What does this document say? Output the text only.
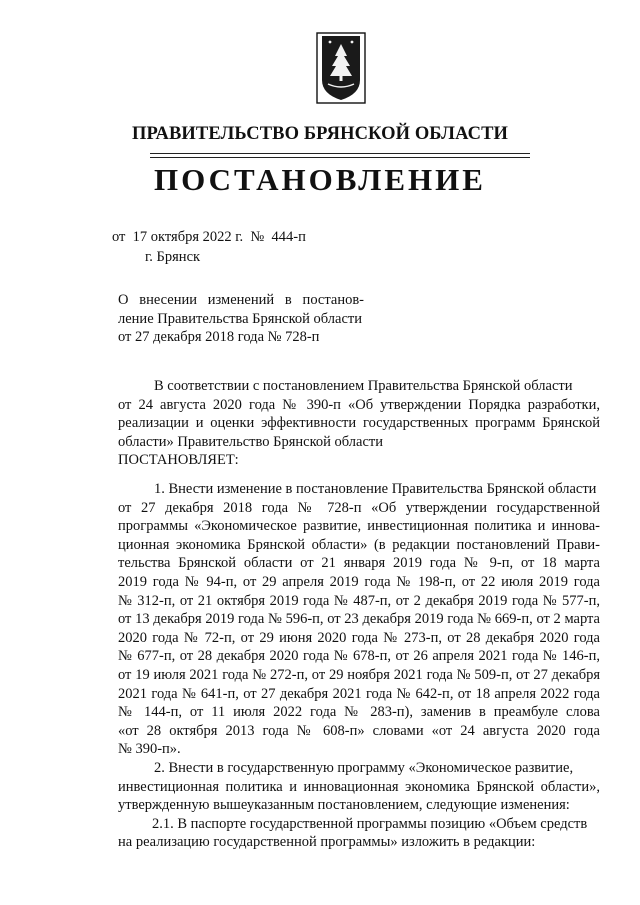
ПРАВИТЕЛЬСТВО БРЯНСКОЙ ОБЛАСТИ
ПОСТАНОВЛЕНИЕ
от  17 октября 2022 г.  №  444-п
г. Брянск
О внесении изменений в постанов-
ление Правительства Брянской области
от 27 декабря 2018 года № 728-п
В соответствии с постановлением Правительства Брянской области
от 24 августа 2020 года № 390-п «Об утверждении Порядка разработки,
реализации и оценки эффективности государственных программ Брянской
области» Правительство Брянской области
ПОСТАНОВЛЯЕТ:
1. Внести изменение в постановление Правительства Брянской области
от 27 декабря 2018 года № 728-п «Об утверждении государственной
программы «Экономическое развитие, инвестиционная политика и иннова-
ционная экономика Брянской области» (в редакции постановлений Прави-
тельства Брянской области от 21 января 2019 года № 9-п, от 18 марта
2019 года № 94-п, от 29 апреля 2019 года № 198-п, от 22 июля 2019 года
№ 312-п, от 21 октября 2019 года № 487-п, от 2 декабря 2019 года № 577-п,
от 13 декабря 2019 года № 596-п, от 23 декабря 2019 года № 669-п, от 2 марта
2020 года № 72-п, от 29 июня 2020 года № 273-п, от 28 декабря 2020 года
№ 677-п, от 28 декабря 2020 года № 678-п, от 26 апреля 2021 года № 146-п,
от 19 июля 2021 года № 272-п, от 29 ноября 2021 года № 509-п, от 27 декабря
2021 года № 641-п, от 27 декабря 2021 года № 642-п, от 18 апреля 2022 года
№ 144-п, от 11 июля 2022 года № 283-п), заменив в преамбуле слова
«от 28 октября 2013 года № 608-п» словами «от 24 августа 2020 года
№ 390-п».
2. Внести в государственную программу «Экономическое развитие,
инвестиционная политика и инновационная экономика Брянской области»,
утвержденную вышеуказанным постановлением, следующие изменения:
2.1. В паспорте государственной программы позицию «Объем средств
на реализацию государственной программы» изложить в редакции:
